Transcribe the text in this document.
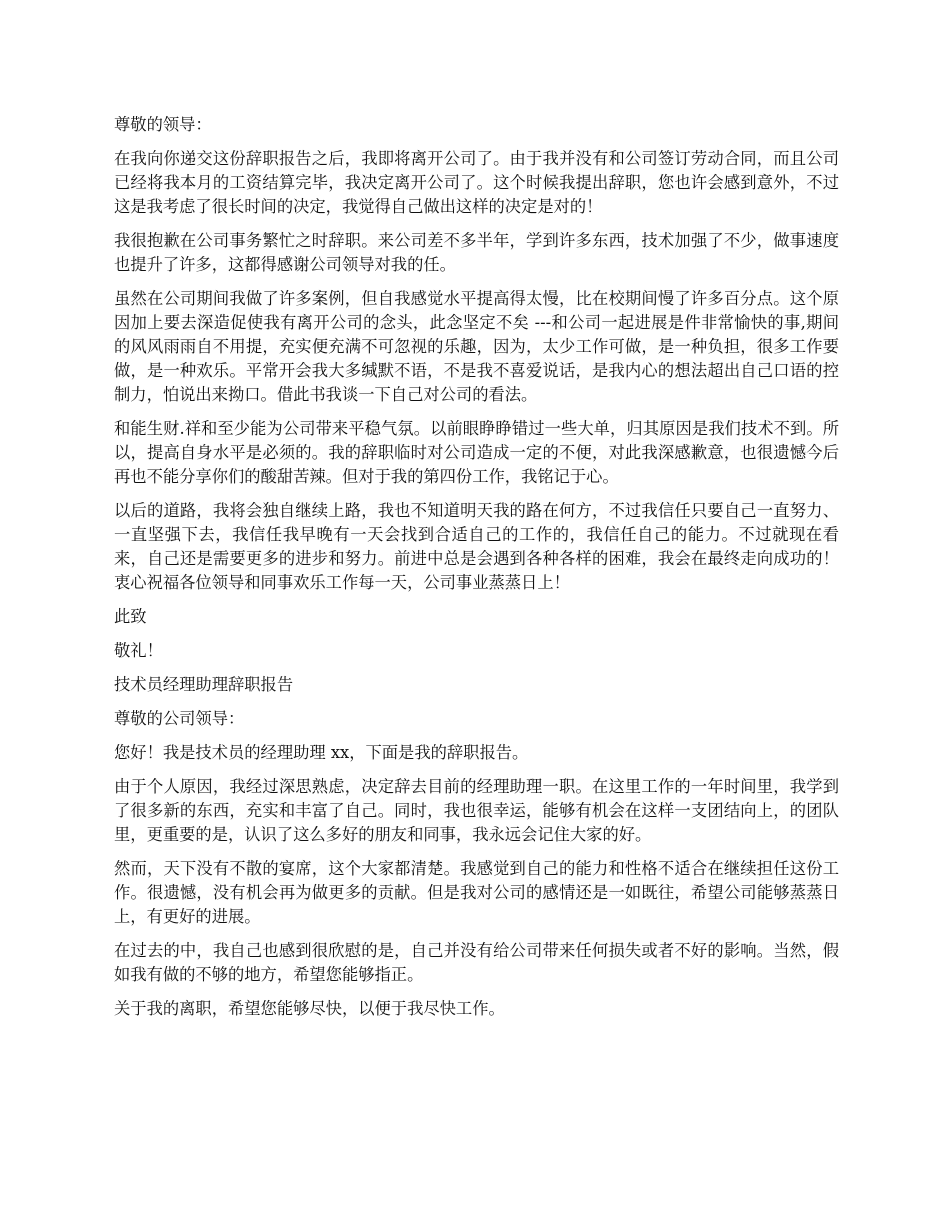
尊敬的领导：

在我向你递交这份辞职报告之后，我即将离开公司了。由于我并没有和公司签订劳动合同，而且公司已经将我本月的工资结算完毕，我决定离开公司了。这个时候我提出辞职，您也许会感到意外，不过这是我考虑了很长时间的决定，我觉得自己做出这样的决定是对的！

我很抱歉在公司事务繁忙之时辞职。来公司差不多半年，学到许多东西，技术加强了不少，做事速度也提升了许多，这都得感谢公司领导对我的任。

虽然在公司期间我做了许多案例，但自我感觉水平提高得太慢，比在校期间慢了许多百分点。这个原因加上要去深造促使我有离开公司的念头，此念坚定不矣 ---和公司一起进展是件非常愉快的事,期间的风风雨雨自不用提，充实便充满不可忽视的乐趣，因为，太少工作可做，是一种负担，很多工作要做，是一种欢乐。平常开会我大多缄默不语，不是我不喜爱说话，是我内心的想法超出自己口语的控制力，怕说出来拗口。借此书我谈一下自己对公司的看法。

和能生财.祥和至少能为公司带来平稳气氛。以前眼睁睁错过一些大单，归其原因是我们技术不到。所以，提高自身水平是必须的。我的辞职临时对公司造成一定的不便，对此我深感歉意，也很遗憾今后再也不能分享你们的酸甜苦辣。但对于我的第四份工作，我铭记于心。

以后的道路，我将会独自继续上路，我也不知道明天我的路在何方，不过我信任只要自己一直努力、一直坚强下去，我信任我早晚有一天会找到合适自己的工作的，我信任自己的能力。不过就现在看来，自己还是需要更多的进步和努力。前进中总是会遇到各种各样的困难，我会在最终走向成功的！衷心祝福各位领导和同事欢乐工作每一天，公司事业蒸蒸日上！

此致

敬礼！

技术员经理助理辞职报告

尊敬的公司领导：

您好！我是技术员的经理助理 xx，下面是我的辞职报告。

由于个人原因，我经过深思熟虑，决定辞去目前的经理助理一职。在这里工作的一年时间里，我学到了很多新的东西，充实和丰富了自己。同时，我也很幸运，能够有机会在这样一支团结向上，的团队里，更重要的是，认识了这么多好的朋友和同事，我永远会记住大家的好。

然而，天下没有不散的宴席，这个大家都清楚。我感觉到自己的能力和性格不适合在继续担任这份工作。很遗憾，没有机会再为做更多的贡献。但是我对公司的感情还是一如既往，希望公司能够蒸蒸日上，有更好的进展。

在过去的中，我自己也感到很欣慰的是，自己并没有给公司带来任何损失或者不好的影响。当然，假如我有做的不够的地方，希望您能够指正。

关于我的离职，希望您能够尽快，以便于我尽快工作。
